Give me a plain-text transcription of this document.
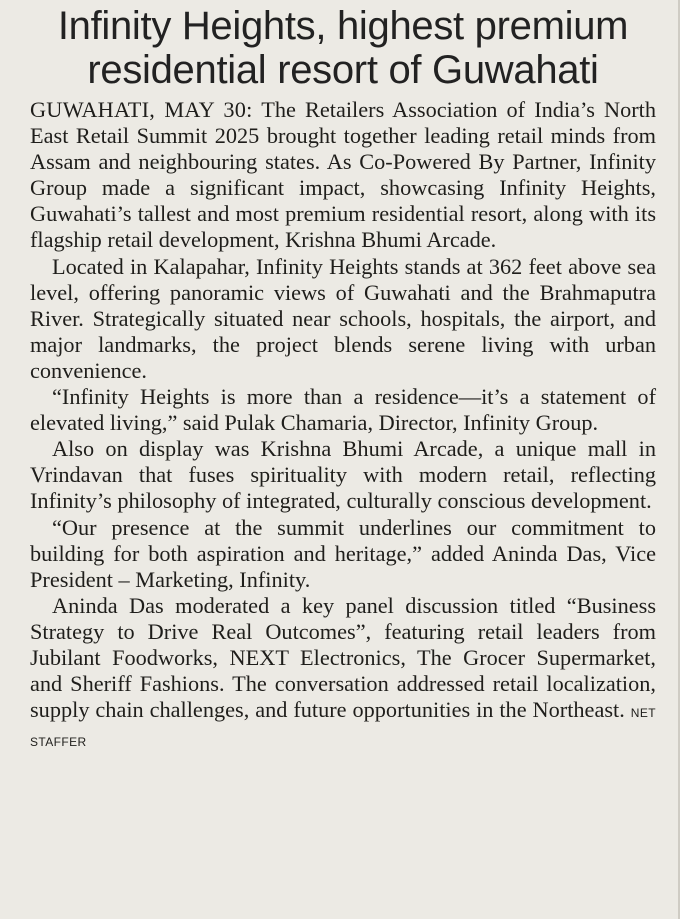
Infinity Heights, highest premium
residential resort of Guwahati

GUWAHATI, MAY 30: The Retailers Association of India’s North East Retail Summit 2025 brought together leading retail minds from Assam and neighbouring states. As Co-Powered By Partner, Infinity Group made a significant impact, showcasing Infinity Heights, Guwahati’s tallest and most premium residential resort, along with its flagship retail development, Krishna Bhumi Arcade.

Located in Kalapahar, Infinity Heights stands at 362 feet above sea level, offering panoramic views of Guwahati and the Brahmaputra River. Strategically situated near schools, hospitals, the airport, and major landmarks, the project blends serene living with urban convenience.

“Infinity Heights is more than a residence—it’s a statement of elevated living,” said Pulak Chamaria, Director, Infinity Group.

Also on display was Krishna Bhumi Arcade, a unique mall in Vrindavan that fuses spirituality with modern retail, reflecting Infinity’s philosophy of integrated, culturally conscious development.

“Our presence at the summit underlines our commitment to building for both aspiration and heritage,” added Aninda Das, Vice President – Marketing, Infinity.

Aninda Das moderated a key panel discussion titled “Business Strategy to Drive Real Outcomes”, featuring retail leaders from Jubilant Foodworks, NEXT Electronics, The Grocer Supermarket, and Sheriff Fashions. The conversation addressed retail localization, supply chain challenges, and future opportunities in the Northeast. NET STAFFER
